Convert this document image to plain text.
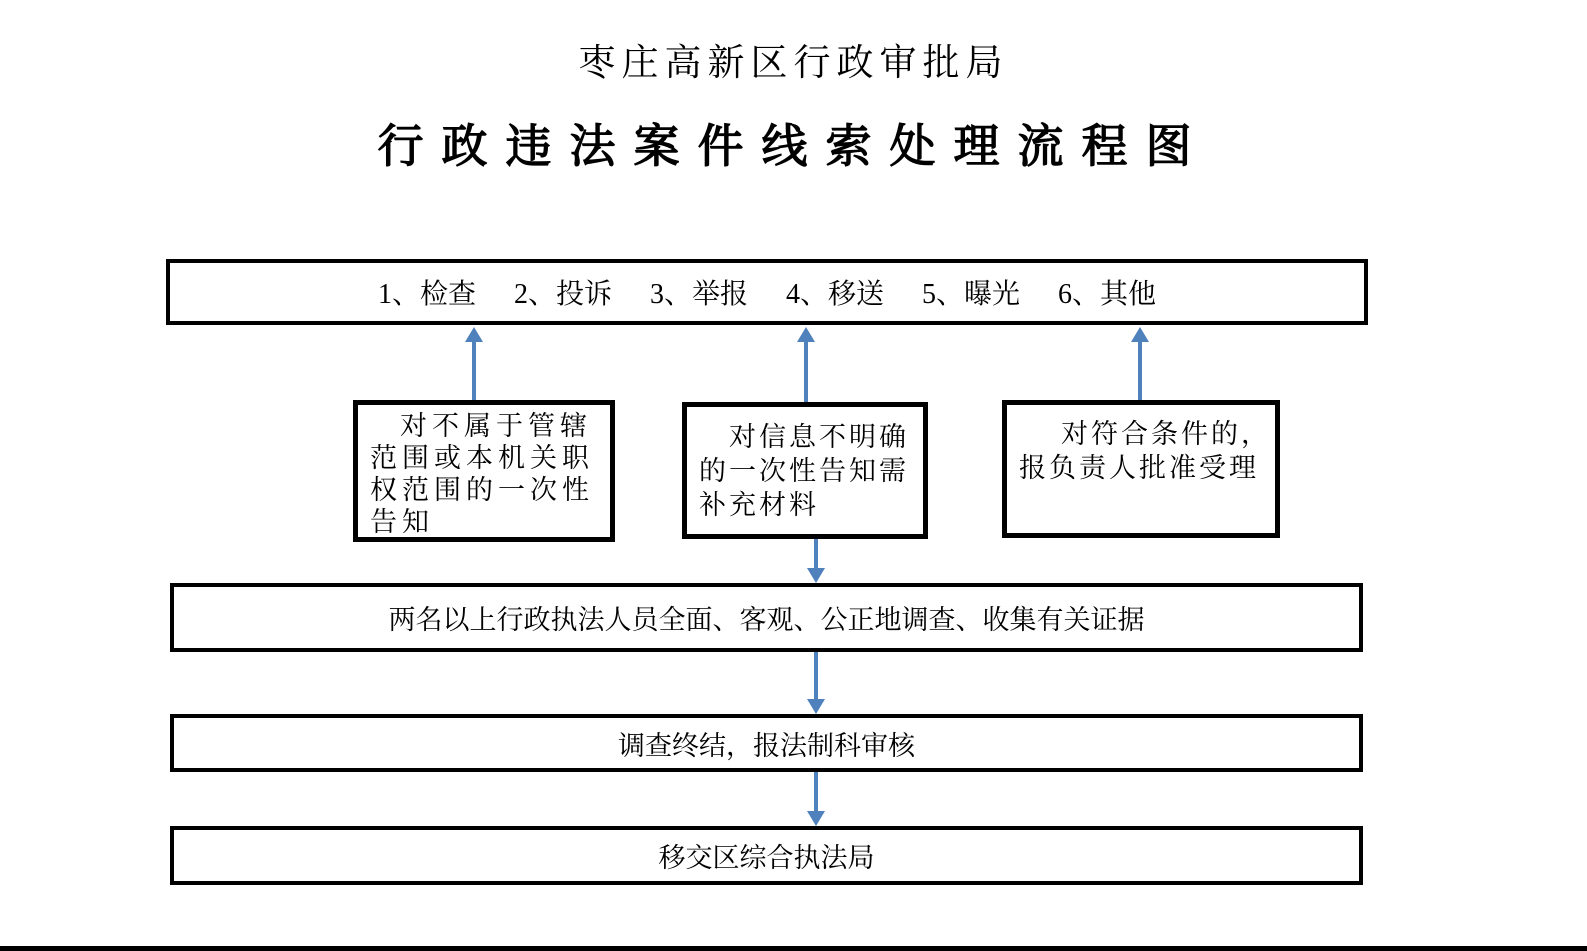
枣庄高新区行政审批局
行政违法案件线索处理流程图
1、检查 2、投诉 3、举报 4、移送 5、曝光 6、其他
对不属于管辖
范围或本机关职
权范围的一次性
告知
对信息不明确
的一次性告知需
补充材料
对符合条件的，
报负责人批准受理
两名以上行政执法人员全面、客观、公正地调查、收集有关证据
调查终结，报法制科审核
移交区综合执法局
